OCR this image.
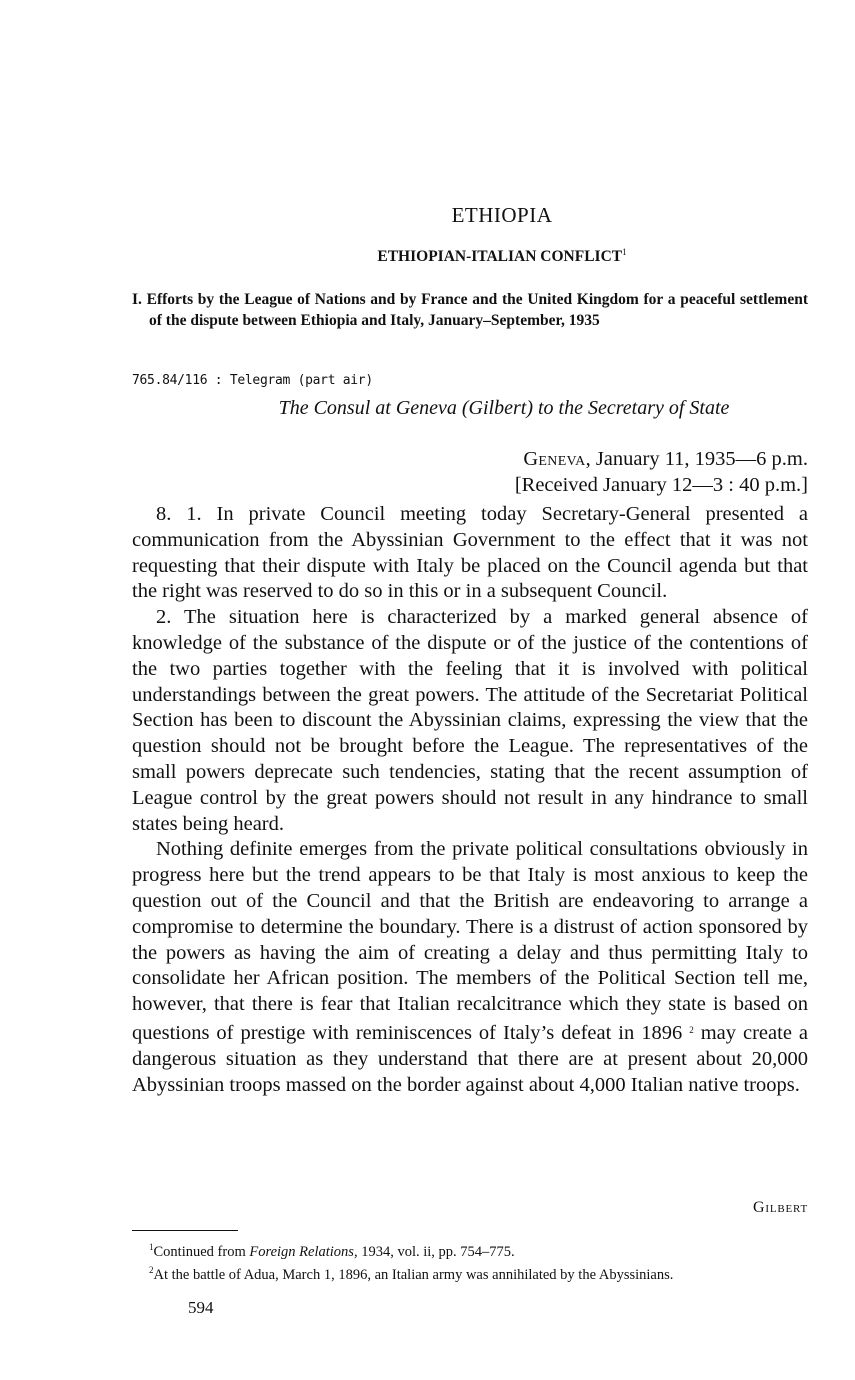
ETHIOPIA
ETHIOPIAN-ITALIAN CONFLICT$^1$
I. Efforts by the League of Nations and by France and the United Kingdom for a peaceful settlement of the dispute between Ethiopia and Italy, January–September, 1935
765.84/116 : Telegram (part air)
The Consul at Geneva (Gilbert) to the Secretary of State
Geneva, January 11, 1935—6 p.m.
[Received January 12—3 : 40 p.m.]

8. 1. In private Council meeting today Secretary-General presented a communication from the Abyssinian Government to the effect that it was not requesting that their dispute with Italy be placed on the Council agenda but that the right was reserved to do so in this or in a subsequent Council.

2. The situation here is characterized by a marked general absence of knowledge of the substance of the dispute or of the justice of the contentions of the two parties together with the feeling that it is involved with political understandings between the great powers. The attitude of the Secretariat Political Section has been to discount the Abyssinian claims, expressing the view that the question should not be brought before the League. The representatives of the small powers deprecate such tendencies, stating that the recent assumption of League control by the great powers should not result in any hindrance to small states being heard.

Nothing definite emerges from the private political consultations obviously in progress here but the trend appears to be that Italy is most anxious to keep the question out of the Council and that the British are endeavoring to arrange a compromise to determine the boundary. There is a distrust of action sponsored by the powers as having the aim of creating a delay and thus permitting Italy to consolidate her African position. The members of the Political Section tell me, however, that there is fear that Italian recalcitrance which they state is based on questions of prestige with reminiscences of Italy’s defeat in 1896 $^2$ may create a dangerous situation as they understand that there are at present about 20,000 Abyssinian troops massed on the border against about 4,000 Italian native troops.

Gilbert

$^1$Continued from Foreign Relations, 1934, vol. ii, pp. 754–775.

$^2$At the battle of Adua, March 1, 1896, an Italian army was annihilated by the Abyssinians.

594
